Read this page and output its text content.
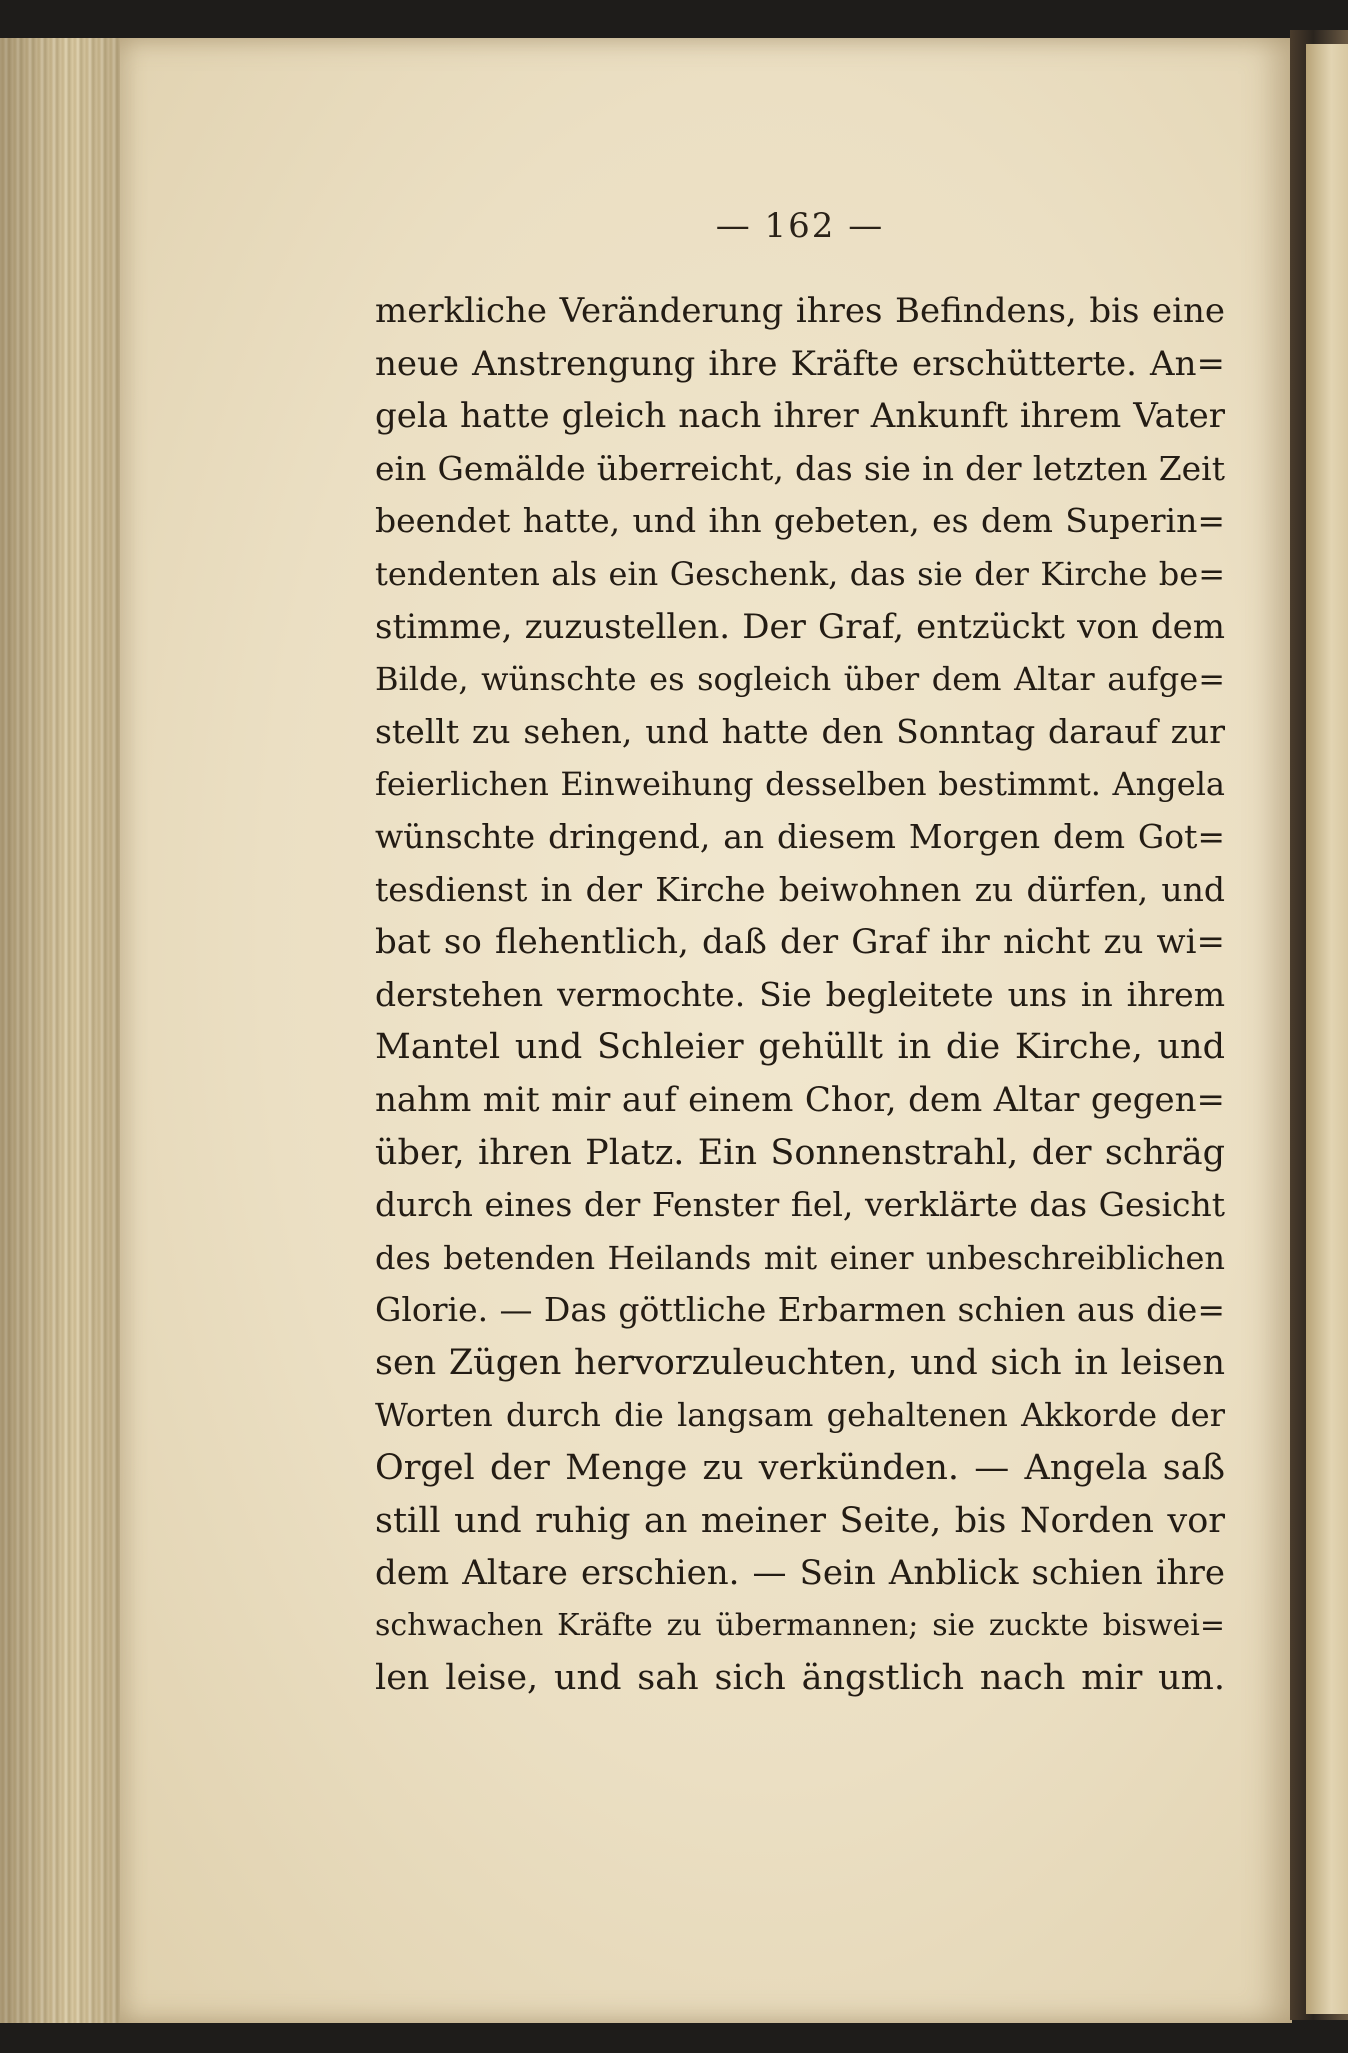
— 162 —
merkliche Veränderung ihres Befindens, bis eine
neue Anstrengung ihre Kräfte erschütterte. An=
gela hatte gleich nach ihrer Ankunft ihrem Vater
ein Gemälde überreicht, das sie in der letzten Zeit
beendet hatte, und ihn gebeten, es dem Superin=
tendenten als ein Geschenk, das sie der Kirche be=
stimme, zuzustellen. Der Graf, entzückt von dem
Bilde, wünschte es sogleich über dem Altar aufge=
stellt zu sehen, und hatte den Sonntag darauf zur
feierlichen Einweihung desselben bestimmt. Angela
wünschte dringend, an diesem Morgen dem Got=
tesdienst in der Kirche beiwohnen zu dürfen, und
bat so flehentlich, daß der Graf ihr nicht zu wi=
derstehen vermochte. Sie begleitete uns in ihrem
Mantel und Schleier gehüllt in die Kirche, und
nahm mit mir auf einem Chor, dem Altar gegen=
über, ihren Platz. Ein Sonnenstrahl, der schräg
durch eines der Fenster fiel, verklärte das Gesicht
des betenden Heilands mit einer unbeschreiblichen
Glorie. — Das göttliche Erbarmen schien aus die=
sen Zügen hervorzuleuchten, und sich in leisen
Worten durch die langsam gehaltenen Akkorde der
Orgel der Menge zu verkünden. — Angela saß
still und ruhig an meiner Seite, bis Norden vor
dem Altare erschien. — Sein Anblick schien ihre
schwachen Kräfte zu übermannen; sie zuckte biswei=
len leise, und sah sich ängstlich nach mir um.
